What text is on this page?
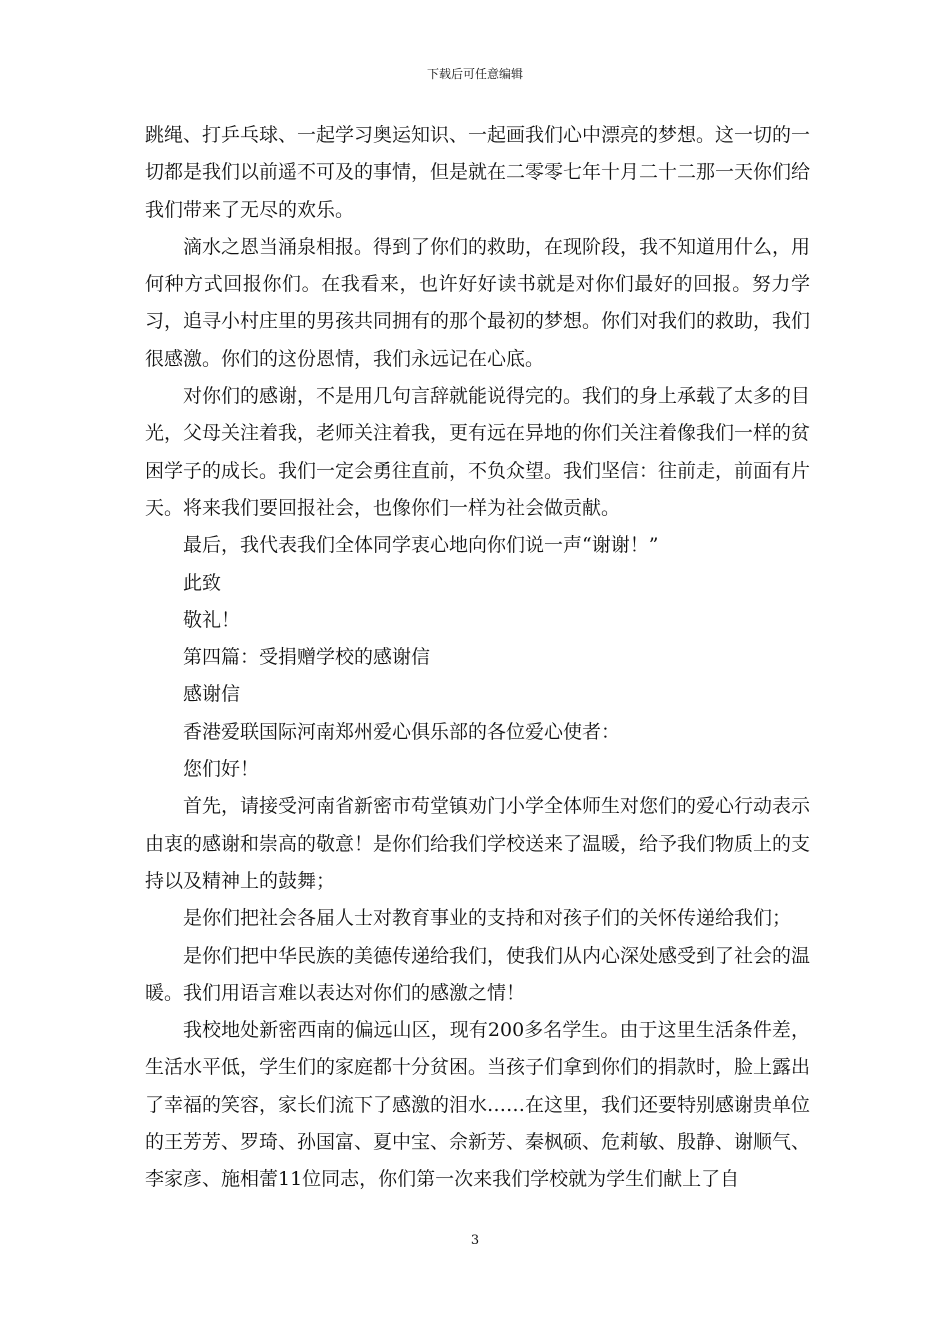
下载后可任意编辑

跳绳、打乒乓球、一起学习奥运知识、一起画我们心中漂亮的梦想。这一切的一切都是我们以前遥不可及的事情，但是就在二零零七年十月二十二那一天你们给我们带来了无尽的欢乐。

滴水之恩当涌泉相报。得到了你们的救助，在现阶段，我不知道用什么，用何种方式回报你们。在我看来，也许好好读书就是对你们最好的回报。努力学习，追寻小村庄里的男孩共同拥有的那个最初的梦想。你们对我们的救助，我们很感激。你们的这份恩情，我们永远记在心底。

对你们的感谢，不是用几句言辞就能说得完的。我们的身上承载了太多的目光，父母关注着我，老师关注着我，更有远在异地的你们关注着像我们一样的贫困学子的成长。我们一定会勇往直前，不负众望。我们坚信：往前走，前面有片天。将来我们要回报社会，也像你们一样为社会做贡献。

最后，我代表我们全体同学衷心地向你们说一声“谢谢！”

此致

敬礼！

第四篇：受捐赠学校的感谢信

感谢信

香港爱联国际河南郑州爱心俱乐部的各位爱心使者：

您们好！

首先，请接受河南省新密市苟堂镇劝门小学全体师生对您们的爱心行动表示由衷的感谢和崇高的敬意！是你们给我们学校送来了温暖，给予我们物质上的支持以及精神上的鼓舞；

是你们把社会各届人士对教育事业的支持和对孩子们的关怀传递给我们；

是你们把中华民族的美德传递给我们，使我们从内心深处感受到了社会的温暖。我们用语言难以表达对你们的感激之情！

我校地处新密西南的偏远山区，现有200多名学生。由于这里生活条件差，生活水平低，学生们的家庭都十分贫困。当孩子们拿到你们的捐款时，脸上露出了幸福的笑容，家长们流下了感激的泪水……在这里，我们还要特别感谢贵单位的王芳芳、罗琦、孙国富、夏中宝、佘新芳、秦枫硕、危莉敏、殷静、谢顺气、李家彦、施相蕾11位同志，你们第一次来我们学校就为学生们献上了自

3
